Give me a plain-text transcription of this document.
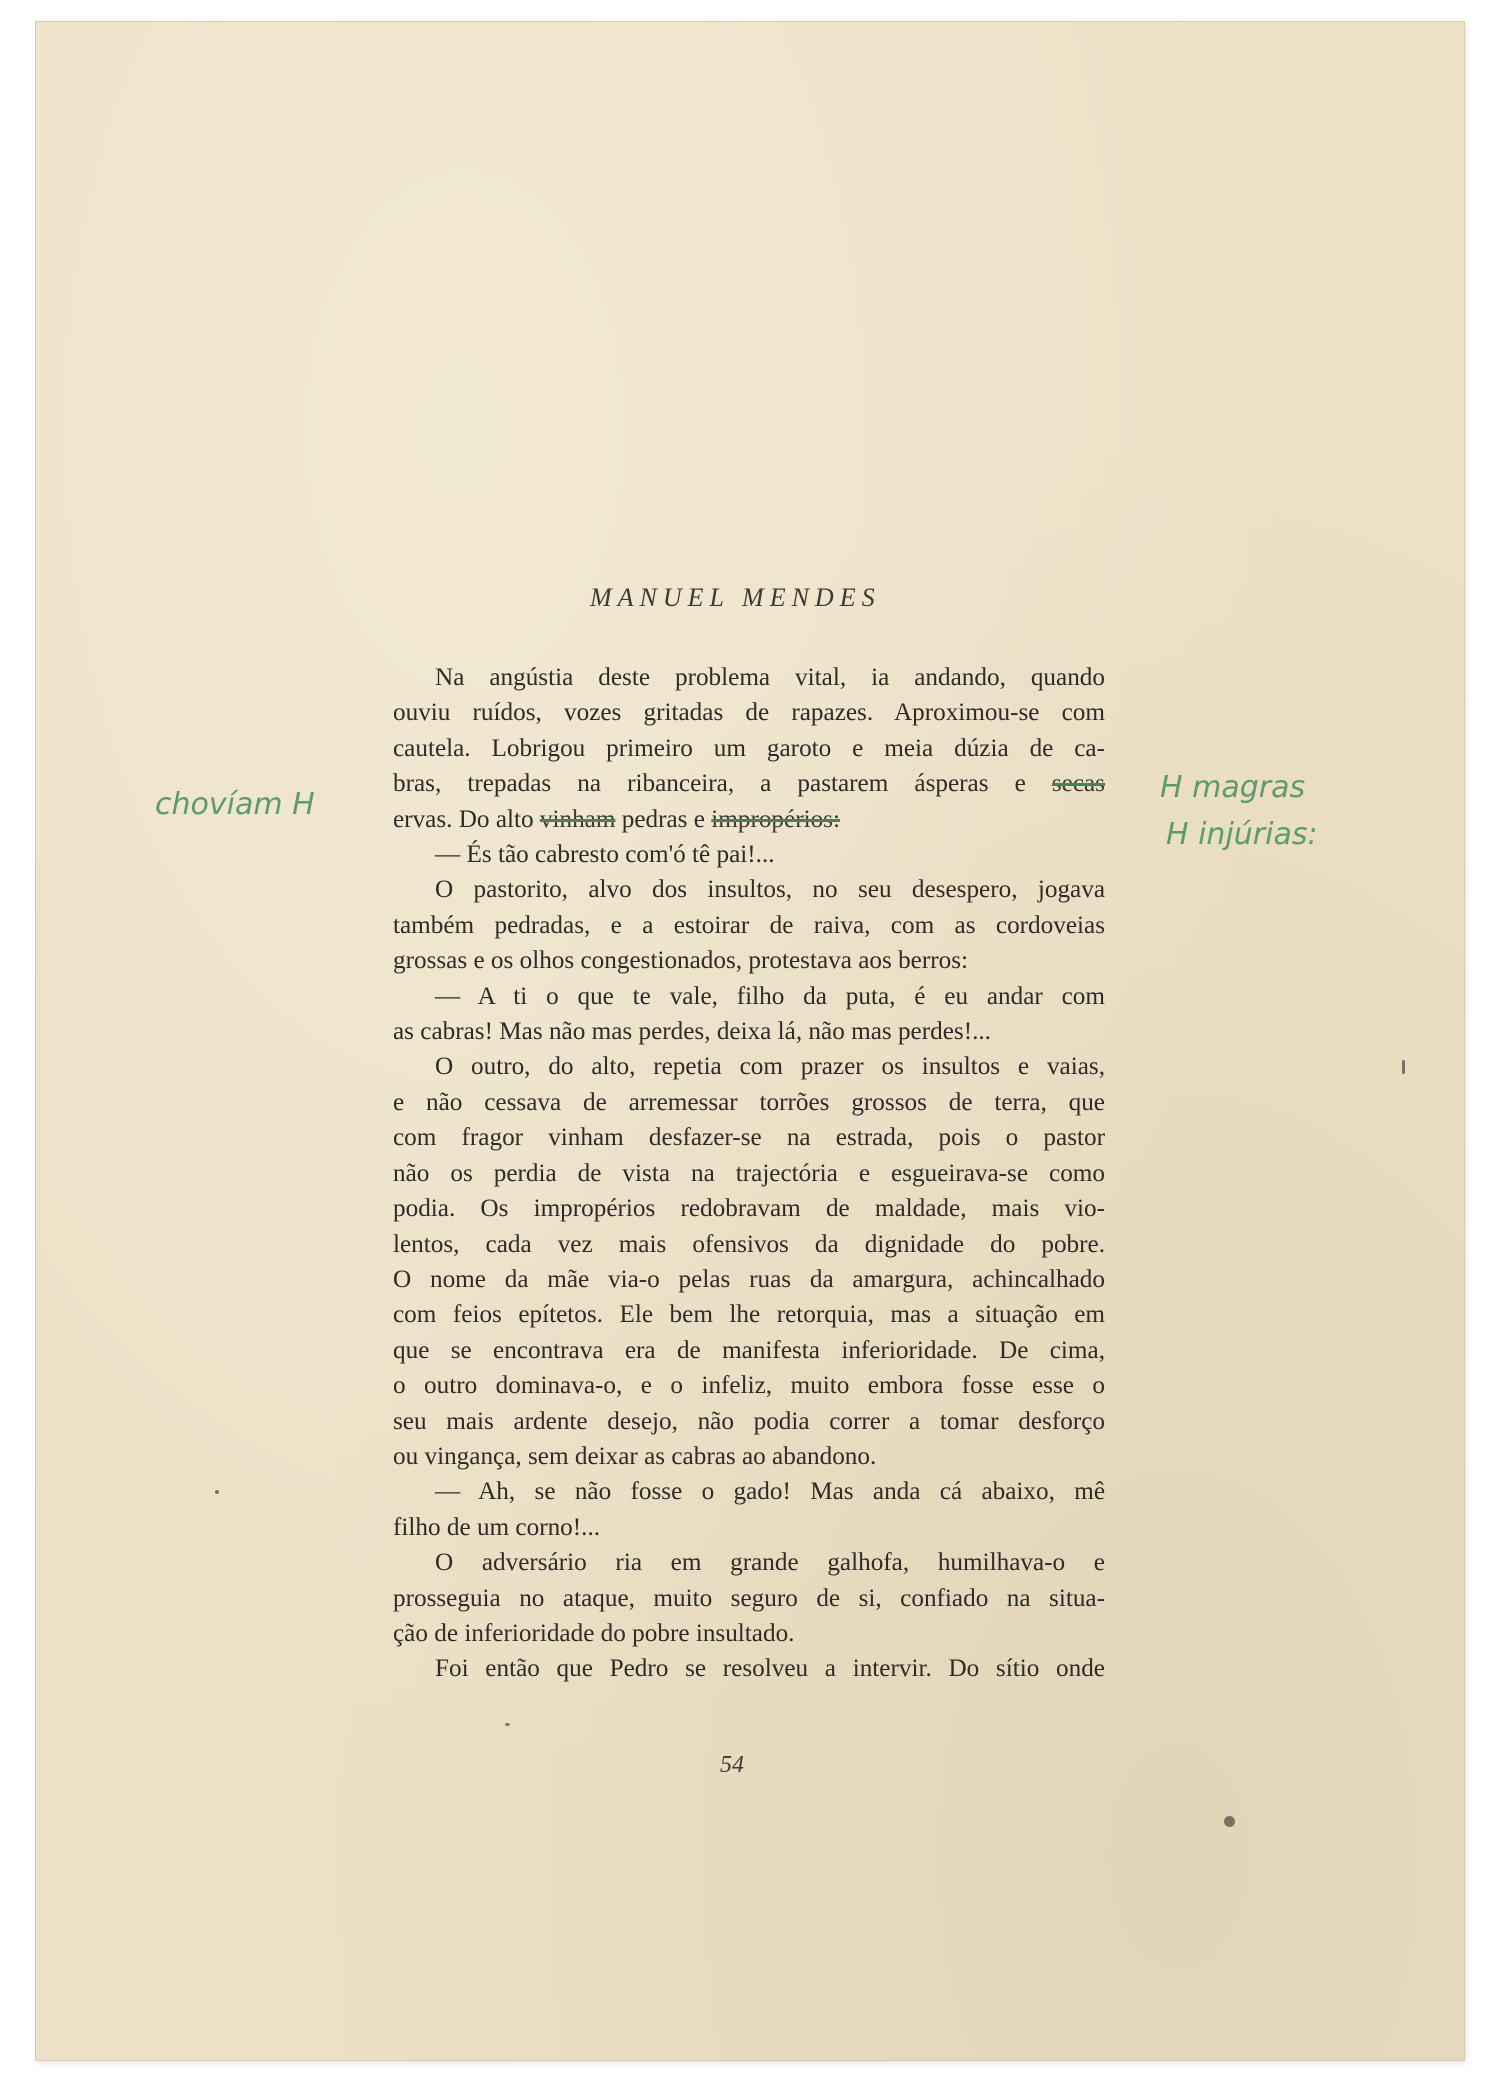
MANUEL MENDES

Na angústia deste problema vital, ia andando, quando
ouviu ruídos, vozes gritadas de rapazes. Aproximou-se com
cautela. Lobrigou primeiro um garoto e meia dúzia de ca-
bras, trepadas na ribanceira, a pastarem ásperas e secas
ervas. Do alto vinham pedras e impropérios:

— És tão cabresto com'ó tê pai!...

O pastorito, alvo dos insultos, no seu desespero, jogava
também pedradas, e a estoirar de raiva, com as cordoveias
grossas e os olhos congestionados, protestava aos berros:

— A ti o que te vale, filho da puta, é eu andar com
as cabras! Mas não mas perdes, deixa lá, não mas perdes!...

O outro, do alto, repetia com prazer os insultos e vaias,
e não cessava de arremessar torrões grossos de terra, que
com fragor vinham desfazer-se na estrada, pois o pastor
não os perdia de vista na trajectória e esgueirava-se como
podia. Os impropérios redobravam de maldade, mais vio-
lentos, cada vez mais ofensivos da dignidade do pobre.
O nome da mãe via-o pelas ruas da amargura, achincalhado
com feios epítetos. Ele bem lhe retorquia, mas a situação em
que se encontrava era de manifesta inferioridade. De cima,
o outro dominava-o, e o infeliz, muito embora fosse esse o
seu mais ardente desejo, não podia correr a tomar desforço
ou vingança, sem deixar as cabras ao abandono.

— Ah, se não fosse o gado! Mas anda cá abaixo, mê
filho de um corno!...

O adversário ria em grande galhofa, humilhava-o e
prosseguia no ataque, muito seguro de si, confiado na situa-
ção de inferioridade do pobre insultado.

Foi então que Pedro se resolveu a intervir. Do sítio onde

chovíam H	H magras
H injúrias:
54
